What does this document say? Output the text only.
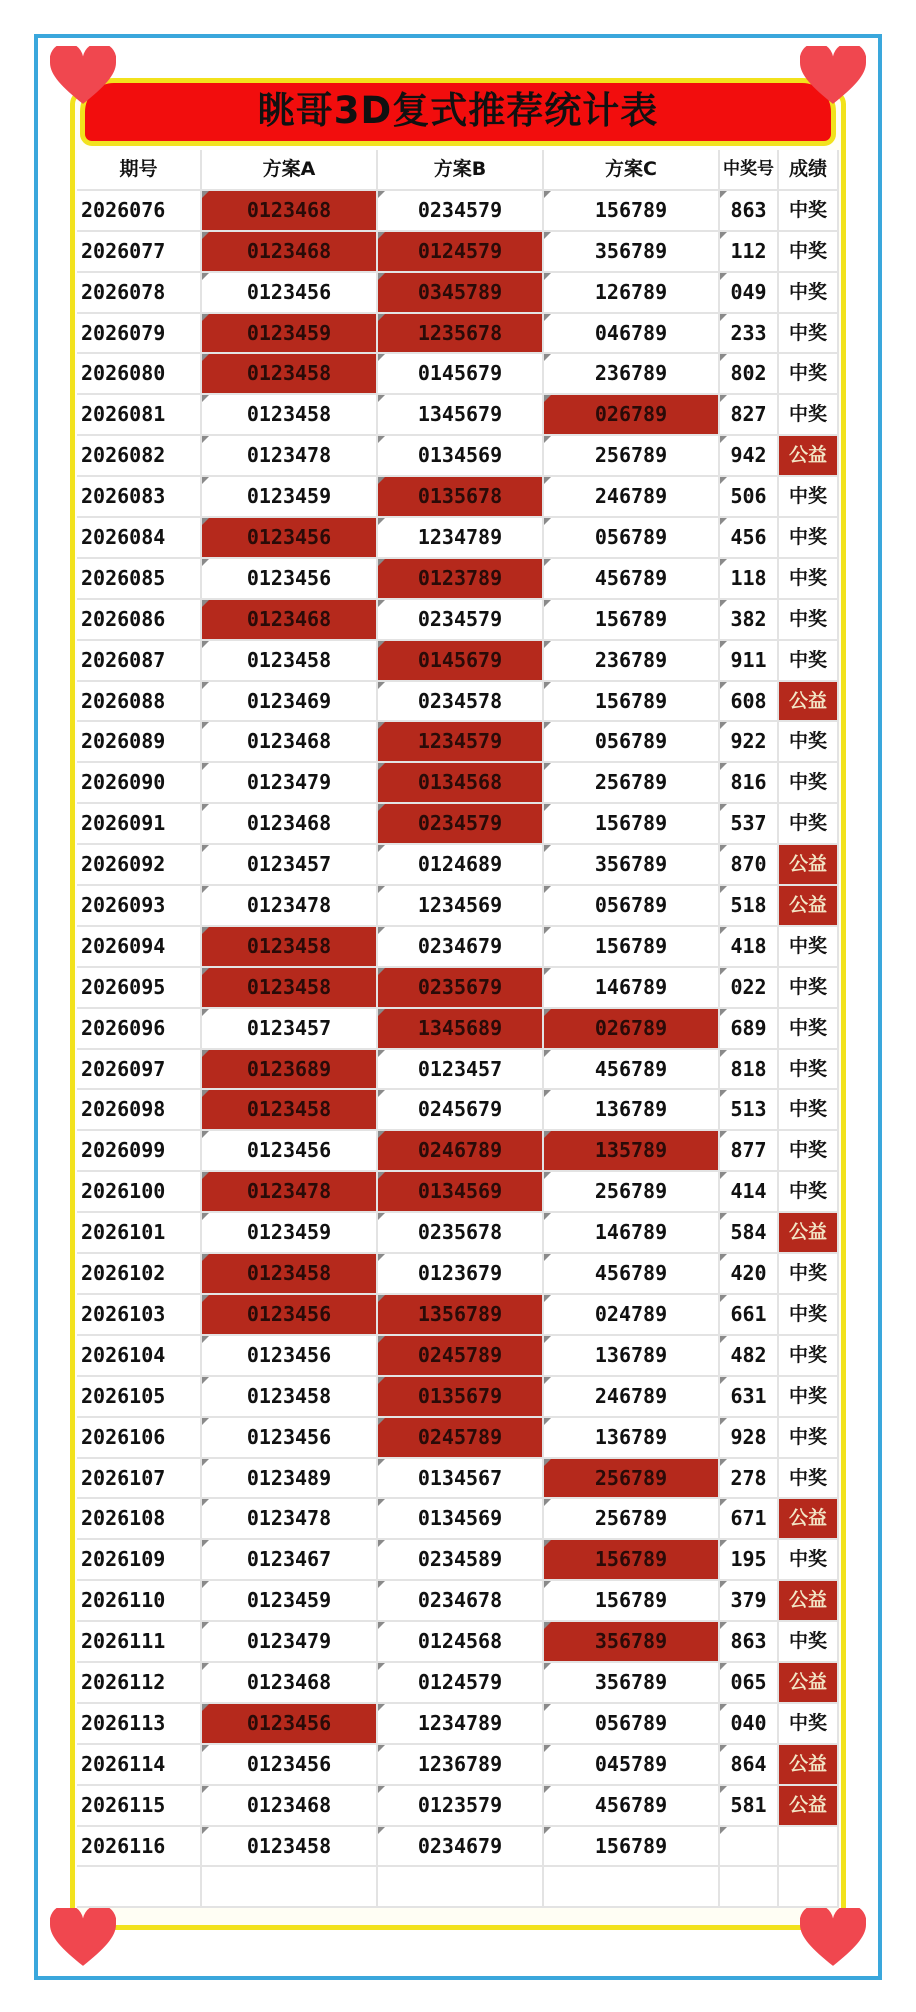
眺哥3D复式推荐统计表
期号	方案A	方案B	方案C	中奖号 成绩
2026076	0123468	0234579	156789	863	中奖
2026077	0123468	0124579	356789	112	中奖
2026078	0123456	0345789	126789	049	中奖
2026079	0123459	1235678	046789	233	中奖
2026080	0123458	0145679	236789	802	中奖
2026081	0123458	1345679	026789	827	中奖
2026082	0123478	0134569	256789	942	公益
2026083	0123459	0135678	246789	506	中奖
2026084	0123456	1234789	056789	456	中奖
2026085	0123456	0123789	456789	118	中奖
2026086	0123468	0234579	156789	382	中奖
2026087	0123458	0145679	236789	911	中奖
2026088	0123469	0234578	156789	608	公益
2026089	0123468	1234579	056789	922	中奖
2026090	0123479	0134568	256789	816	中奖
2026091	0123468	0234579	156789	537	中奖
2026092	0123457	0124689	356789	870	公益
2026093	0123478	1234569	056789	518	公益
2026094	0123458	0234679	156789	418	中奖
2026095	0123458	0235679	146789	022	中奖
2026096	0123457	1345689	026789	689	中奖
2026097	0123689	0123457	456789	818	中奖
2026098	0123458	0245679	136789	513	中奖
2026099	0123456	0246789	135789	877	中奖
2026100	0123478	0134569	256789	414	中奖
2026101	0123459	0235678	146789	584	公益
2026102	0123458	0123679	456789	420	中奖
2026103	0123456	1356789	024789	661	中奖
2026104	0123456	0245789	136789	482	中奖
2026105	0123458	0135679	246789	631	中奖
2026106	0123456	0245789	136789	928	中奖
2026107	0123489	0134567	256789	278	中奖
2026108	0123478	0134569	256789	671	公益
2026109	0123467	0234589	156789	195	中奖
2026110	0123459	0234678	156789	379	公益
2026111	0123479	0124568	356789	863	中奖
2026112	0123468	0124579	356789	065	公益
2026113	0123456	1234789	056789	040	中奖
2026114	0123456	1236789	045789	864	公益
2026115	0123468	0123579	456789	581	公益
2026116	0123458	0234679	156789
